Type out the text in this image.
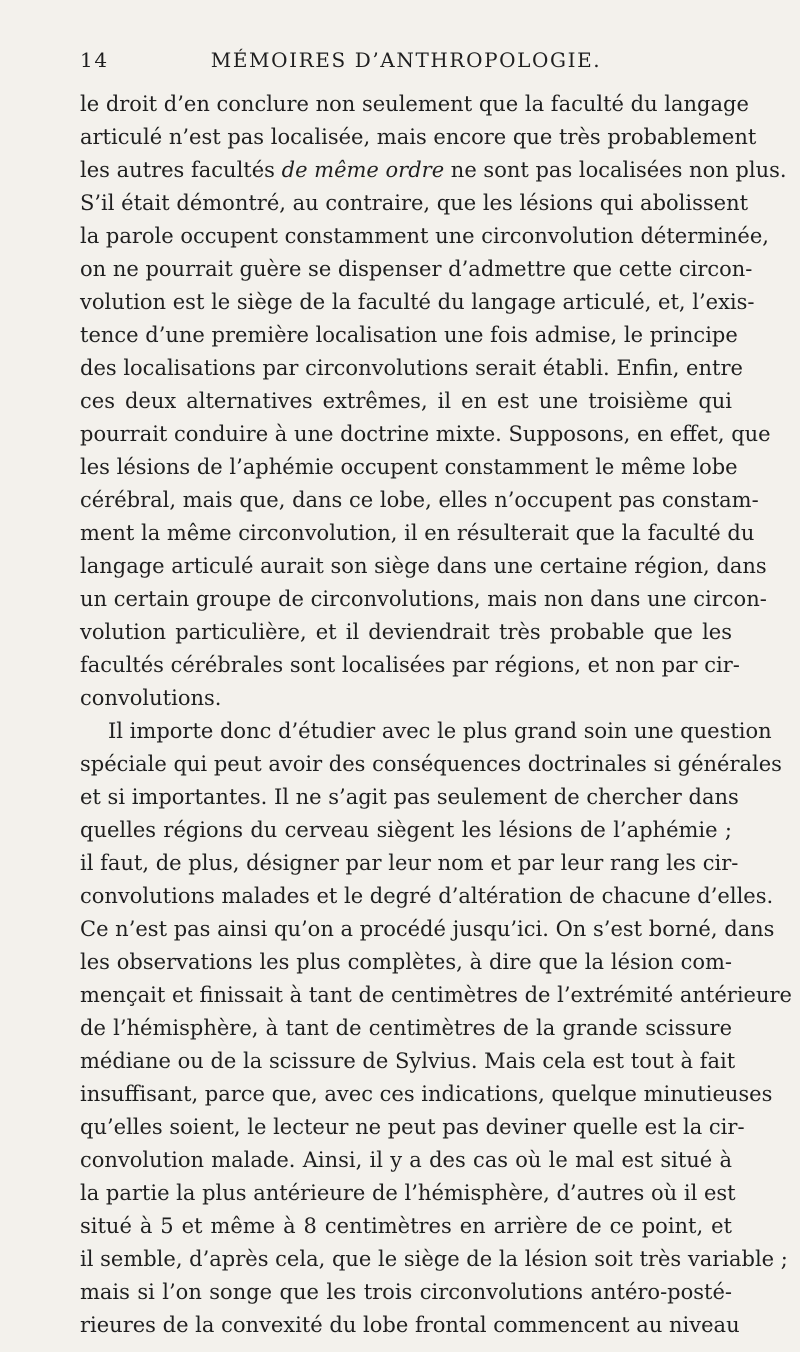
14	MÉMOIRES D’ANTHROPOLOGIE.
le droit d’en conclure non seulement que la faculté du langage
articulé n’est pas localisée, mais encore que très probablement
les autres facultés de même ordre ne sont pas localisées non plus.
S’il était démontré, au contraire, que les lésions qui abolissent
la parole occupent constamment une circonvolution déterminée,
on ne pourrait guère se dispenser d’admettre que cette circon-
volution est le siège de la faculté du langage articulé, et, l’exis-
tence d’une première localisation une fois admise, le principe
des localisations par circonvolutions serait établi. Enfin, entre
ces deux alternatives extrêmes, il en est une troisième qui
pourrait conduire à une doctrine mixte. Supposons, en effet, que
les lésions de l’aphémie occupent constamment le même lobe
cérébral, mais que, dans ce lobe, elles n’occupent pas constam-
ment la même circonvolution, il en résulterait que la faculté du
langage articulé aurait son siège dans une certaine région, dans
un certain groupe de circonvolutions, mais non dans une circon-
volution particulière, et il deviendrait très probable que les
facultés cérébrales sont localisées par régions, et non par cir-
convolutions.
Il importe donc d’étudier avec le plus grand soin une question
spéciale qui peut avoir des conséquences doctrinales si générales
et si importantes. Il ne s’agit pas seulement de chercher dans
quelles régions du cerveau siègent les lésions de l’aphémie ;
il faut, de plus, désigner par leur nom et par leur rang les cir-
convolutions malades et le degré d’altération de chacune d’elles.
Ce n’est pas ainsi qu’on a procédé jusqu’ici. On s’est borné, dans
les observations les plus complètes, à dire que la lésion com-
mençait et finissait à tant de centimètres de l’extrémité antérieure
de l’hémisphère, à tant de centimètres de la grande scissure
médiane ou de la scissure de Sylvius. Mais cela est tout à fait
insuffisant, parce que, avec ces indications, quelque minutieuses
qu’elles soient, le lecteur ne peut pas deviner quelle est la cir-
convolution malade. Ainsi, il y a des cas où le mal est situé à
la partie la plus antérieure de l’hémisphère, d’autres où il est
situé à 5 et même à 8 centimètres en arrière de ce point, et
il semble, d’après cela, que le siège de la lésion soit très variable ;
mais si l’on songe que les trois circonvolutions antéro-posté-
rieures de la convexité du lobe frontal commencent au niveau
